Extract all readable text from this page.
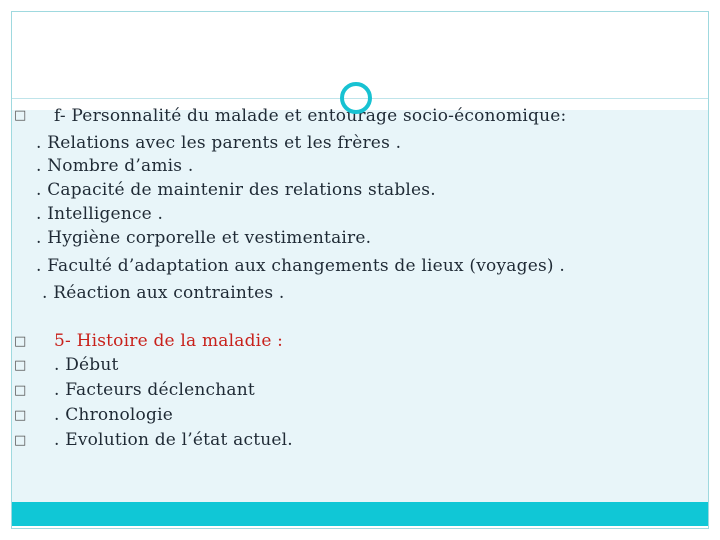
□ f- Personnalité du malade et entourage socio-économique:
. Relations avec les parents et les frères .
. Nombre d’amis .
. Capacité de maintenir des relations stables.
. Intelligence .
. Hygiène corporelle et vestimentaire.
. Faculté d’adaptation aux changements de lieux (voyages) .
. Réaction aux contraintes .
□ 5- Histoire de la maladie :
□ . Début
□ . Facteurs déclenchant
□ . Chronologie
□ . Evolution de l’état actuel.
